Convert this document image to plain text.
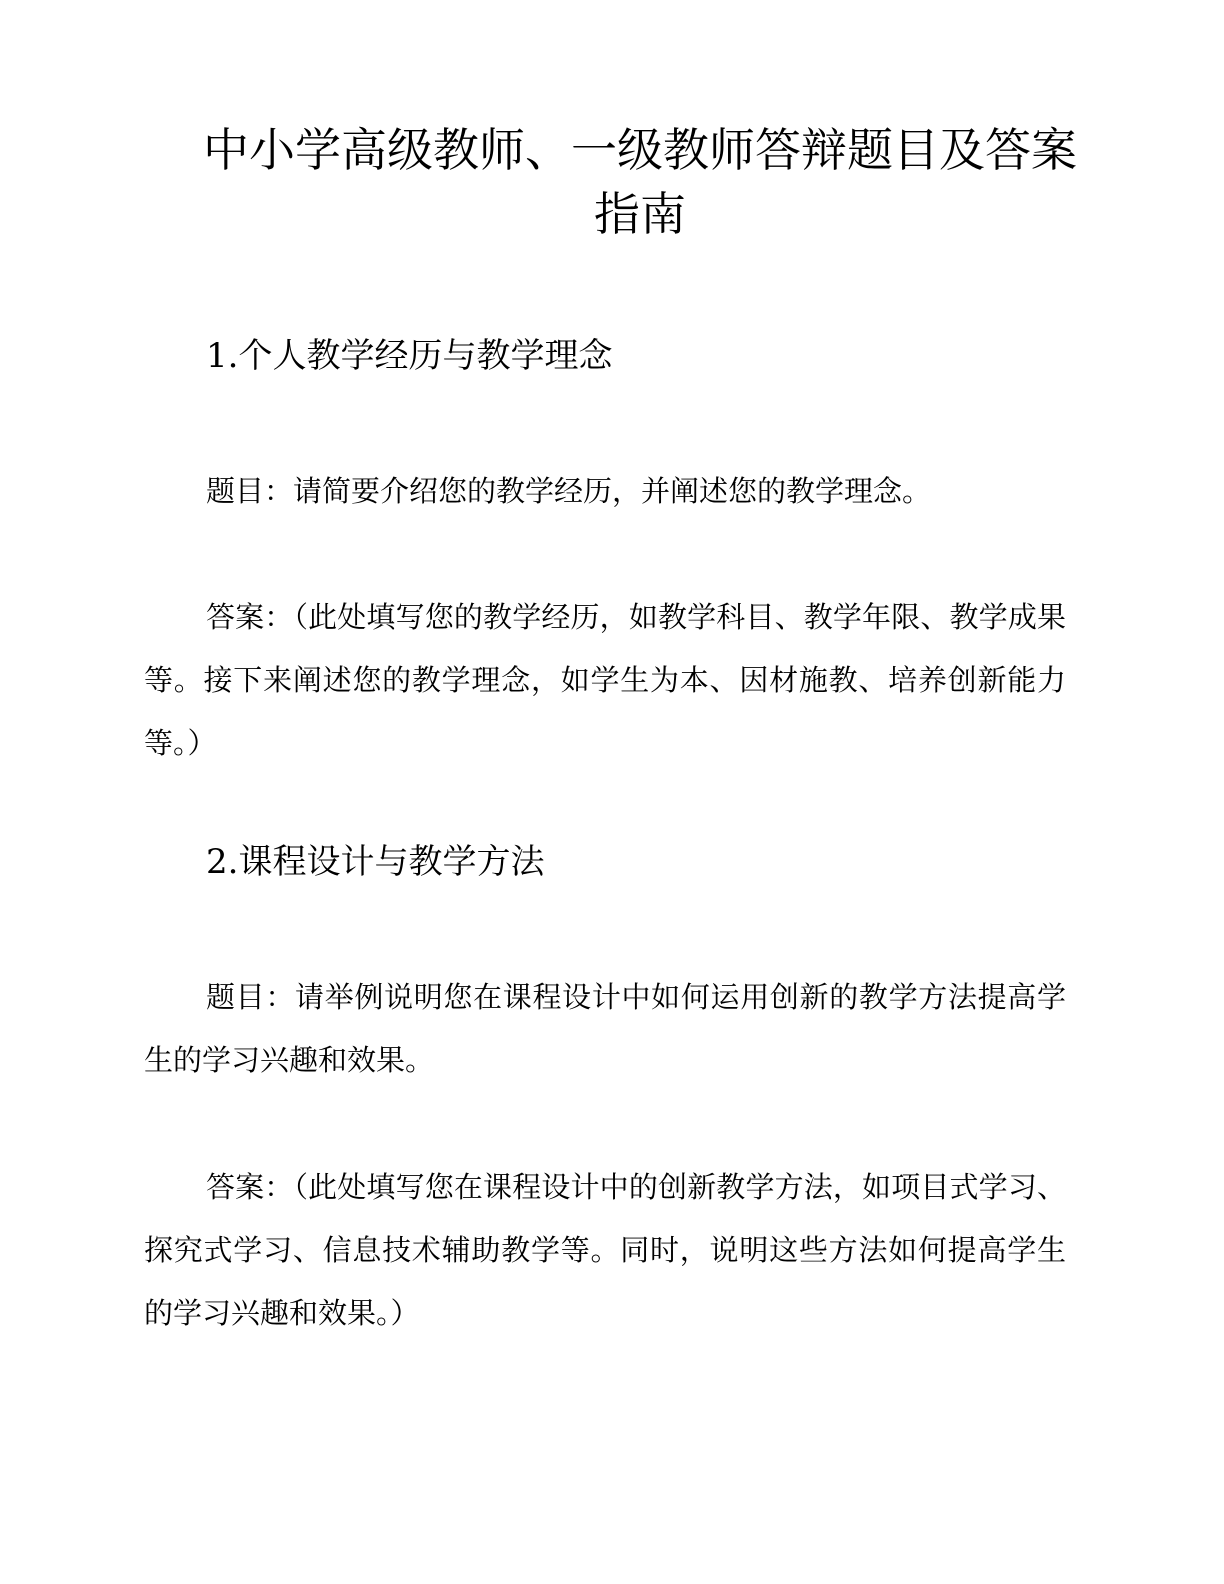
中小学高级教师、一级教师答辩题目及答案指南
1.个人教学经历与教学理念

题目：请简要介绍您的教学经历，并阐述您的教学理念。

答案：（此处填写您的教学经历，如教学科目、教学年限、教学成果等。接下来阐述您的教学理念，如学生为本、因材施教、培养创新能力等。）

2.课程设计与教学方法

题目：请举例说明您在课程设计中如何运用创新的教学方法提高学生的学习兴趣和效果。

答案：（此处填写您在课程设计中的创新教学方法，如项目式学习、探究式学习、信息技术辅助教学等。同时，说明这些方法如何提高学生的学习兴趣和效果。）
